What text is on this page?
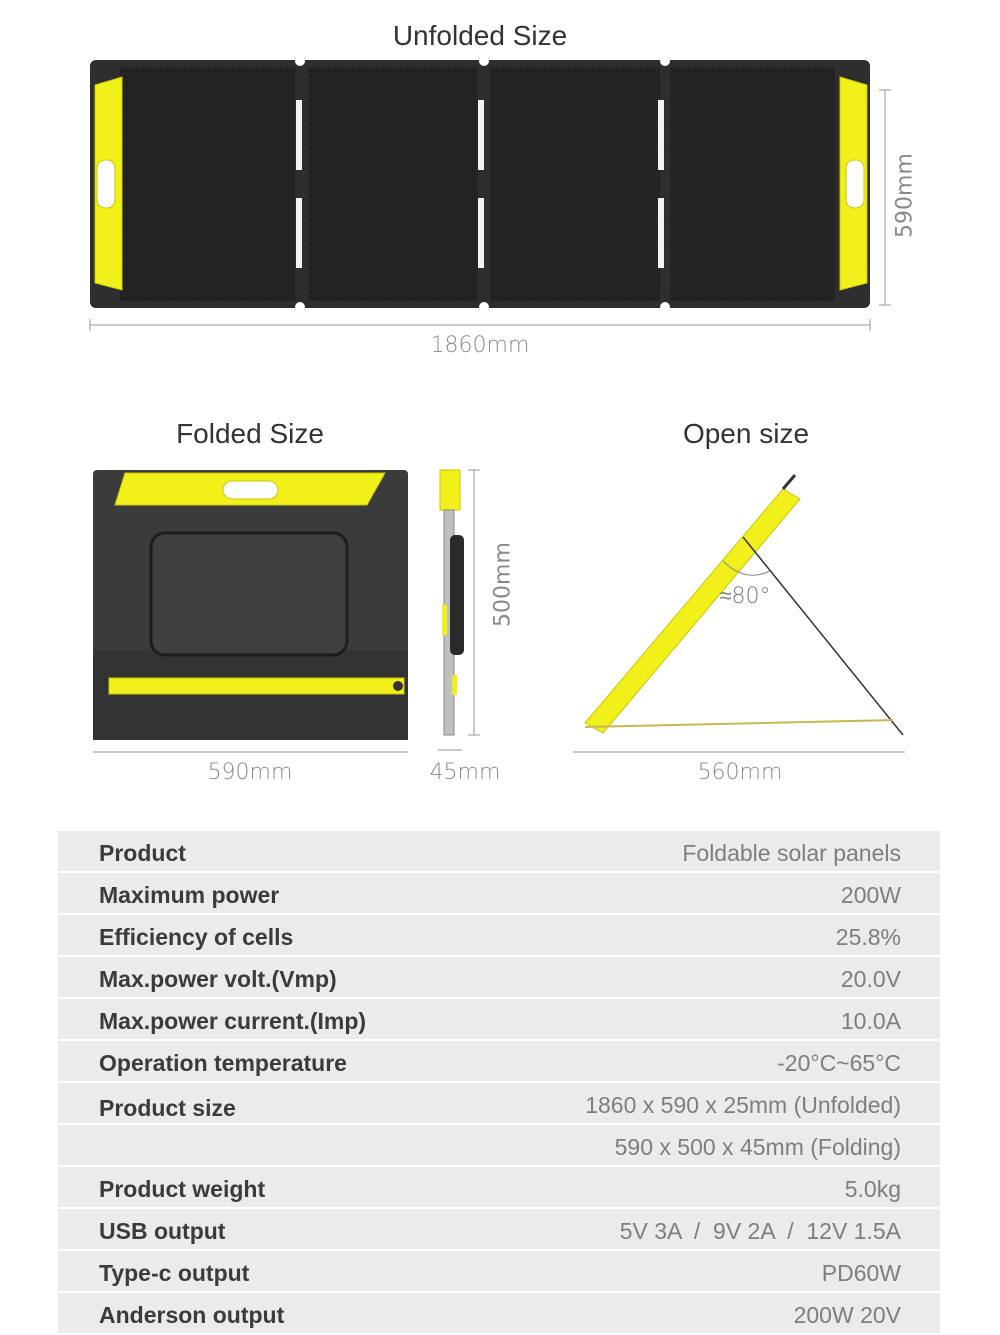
Unfolded Size
1860mm
590mm
Folded Size
590mm
500mm
45mm
Open size
≈80°
560mm
Product	Foldable solar panels
Maximum power	200W
Efficiency of cells	25.8%
Max.power volt.(Vmp)	20.0V
Max.power current.(Imp)	10.0A
Operation temperature	-20°C~65°C
Product size	1860 x 590 x 25mm (Unfolded)
590 x 500 x 45mm (Folding)
Product weight	5.0kg
USB output	5V 3A  /  9V 2A  /  12V 1.5A
Type-c output	PD60W
Anderson output	200W 20V
